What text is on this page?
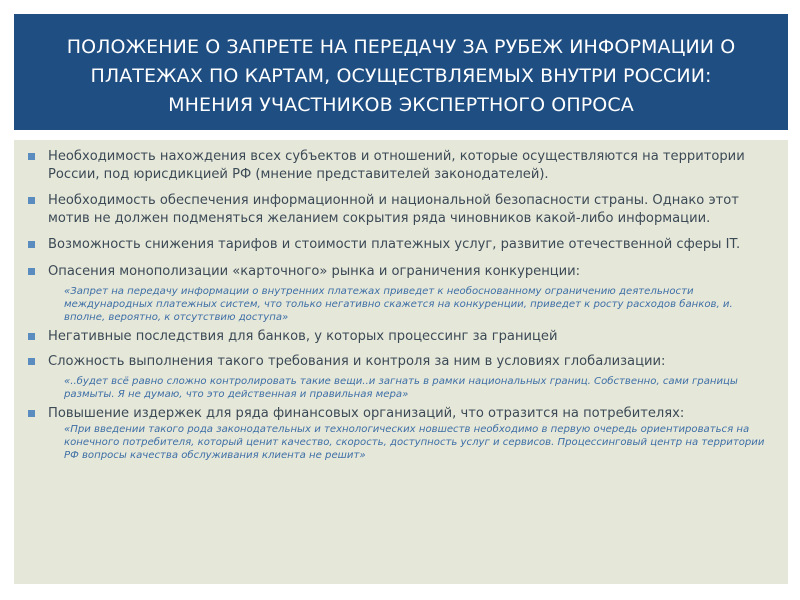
ПОЛОЖЕНИЕ О ЗАПРЕТЕ НА ПЕРЕДАЧУ ЗА РУБЕЖ ИНФОРМАЦИИ О
ПЛАТЕЖАХ ПО КАРТАМ, ОСУЩЕСТВЛЯЕМЫХ ВНУТРИ РОССИИ:
МНЕНИЯ УЧАСТНИКОВ ЭКСПЕРТНОГО ОПРОСА
Необходимость нахождения всех субъектов и отношений, которые осуществляются на территории России, под юрисдикцией РФ (мнение представителей законодателей).
Необходимость обеспечения информационной и национальной безопасности страны. Однако этот мотив не должен подменяться желанием сокрытия ряда чиновников какой-либо информации.
Возможность снижения тарифов и стоимости платежных услуг, развитие отечественной сферы IT.
Опасения монополизации «карточного» рынка и ограничения конкуренции:
«Запрет на передачу информации о внутренних платежах приведет к необоснованному ограничению деятельности международных платежных систем, что только негативно скажется на конкуренции, приведет к росту расходов банков, и. вполне, вероятно, к отсутствию доступа»
Негативные последствия для банков, у которых процессинг за границей
Сложность выполнения такого требования и контроля за ним в условиях глобализации:
«..будет всё равно сложно контролировать такие вещи..и загнать в рамки национальных границ. Собственно, сами границы размыты. Я не думаю, что это действенная и правильная мера»
Повышение издержек для ряда финансовых организаций, что отразится на потребителях:
«При введении такого рода законодательных и технологических новшеств необходимо в первую очередь ориентироваться на конечного потребителя, который ценит качество, скорость, доступность услуг и сервисов. Процессинговый центр на территории РФ вопросы качества обслуживания клиента не решит»
